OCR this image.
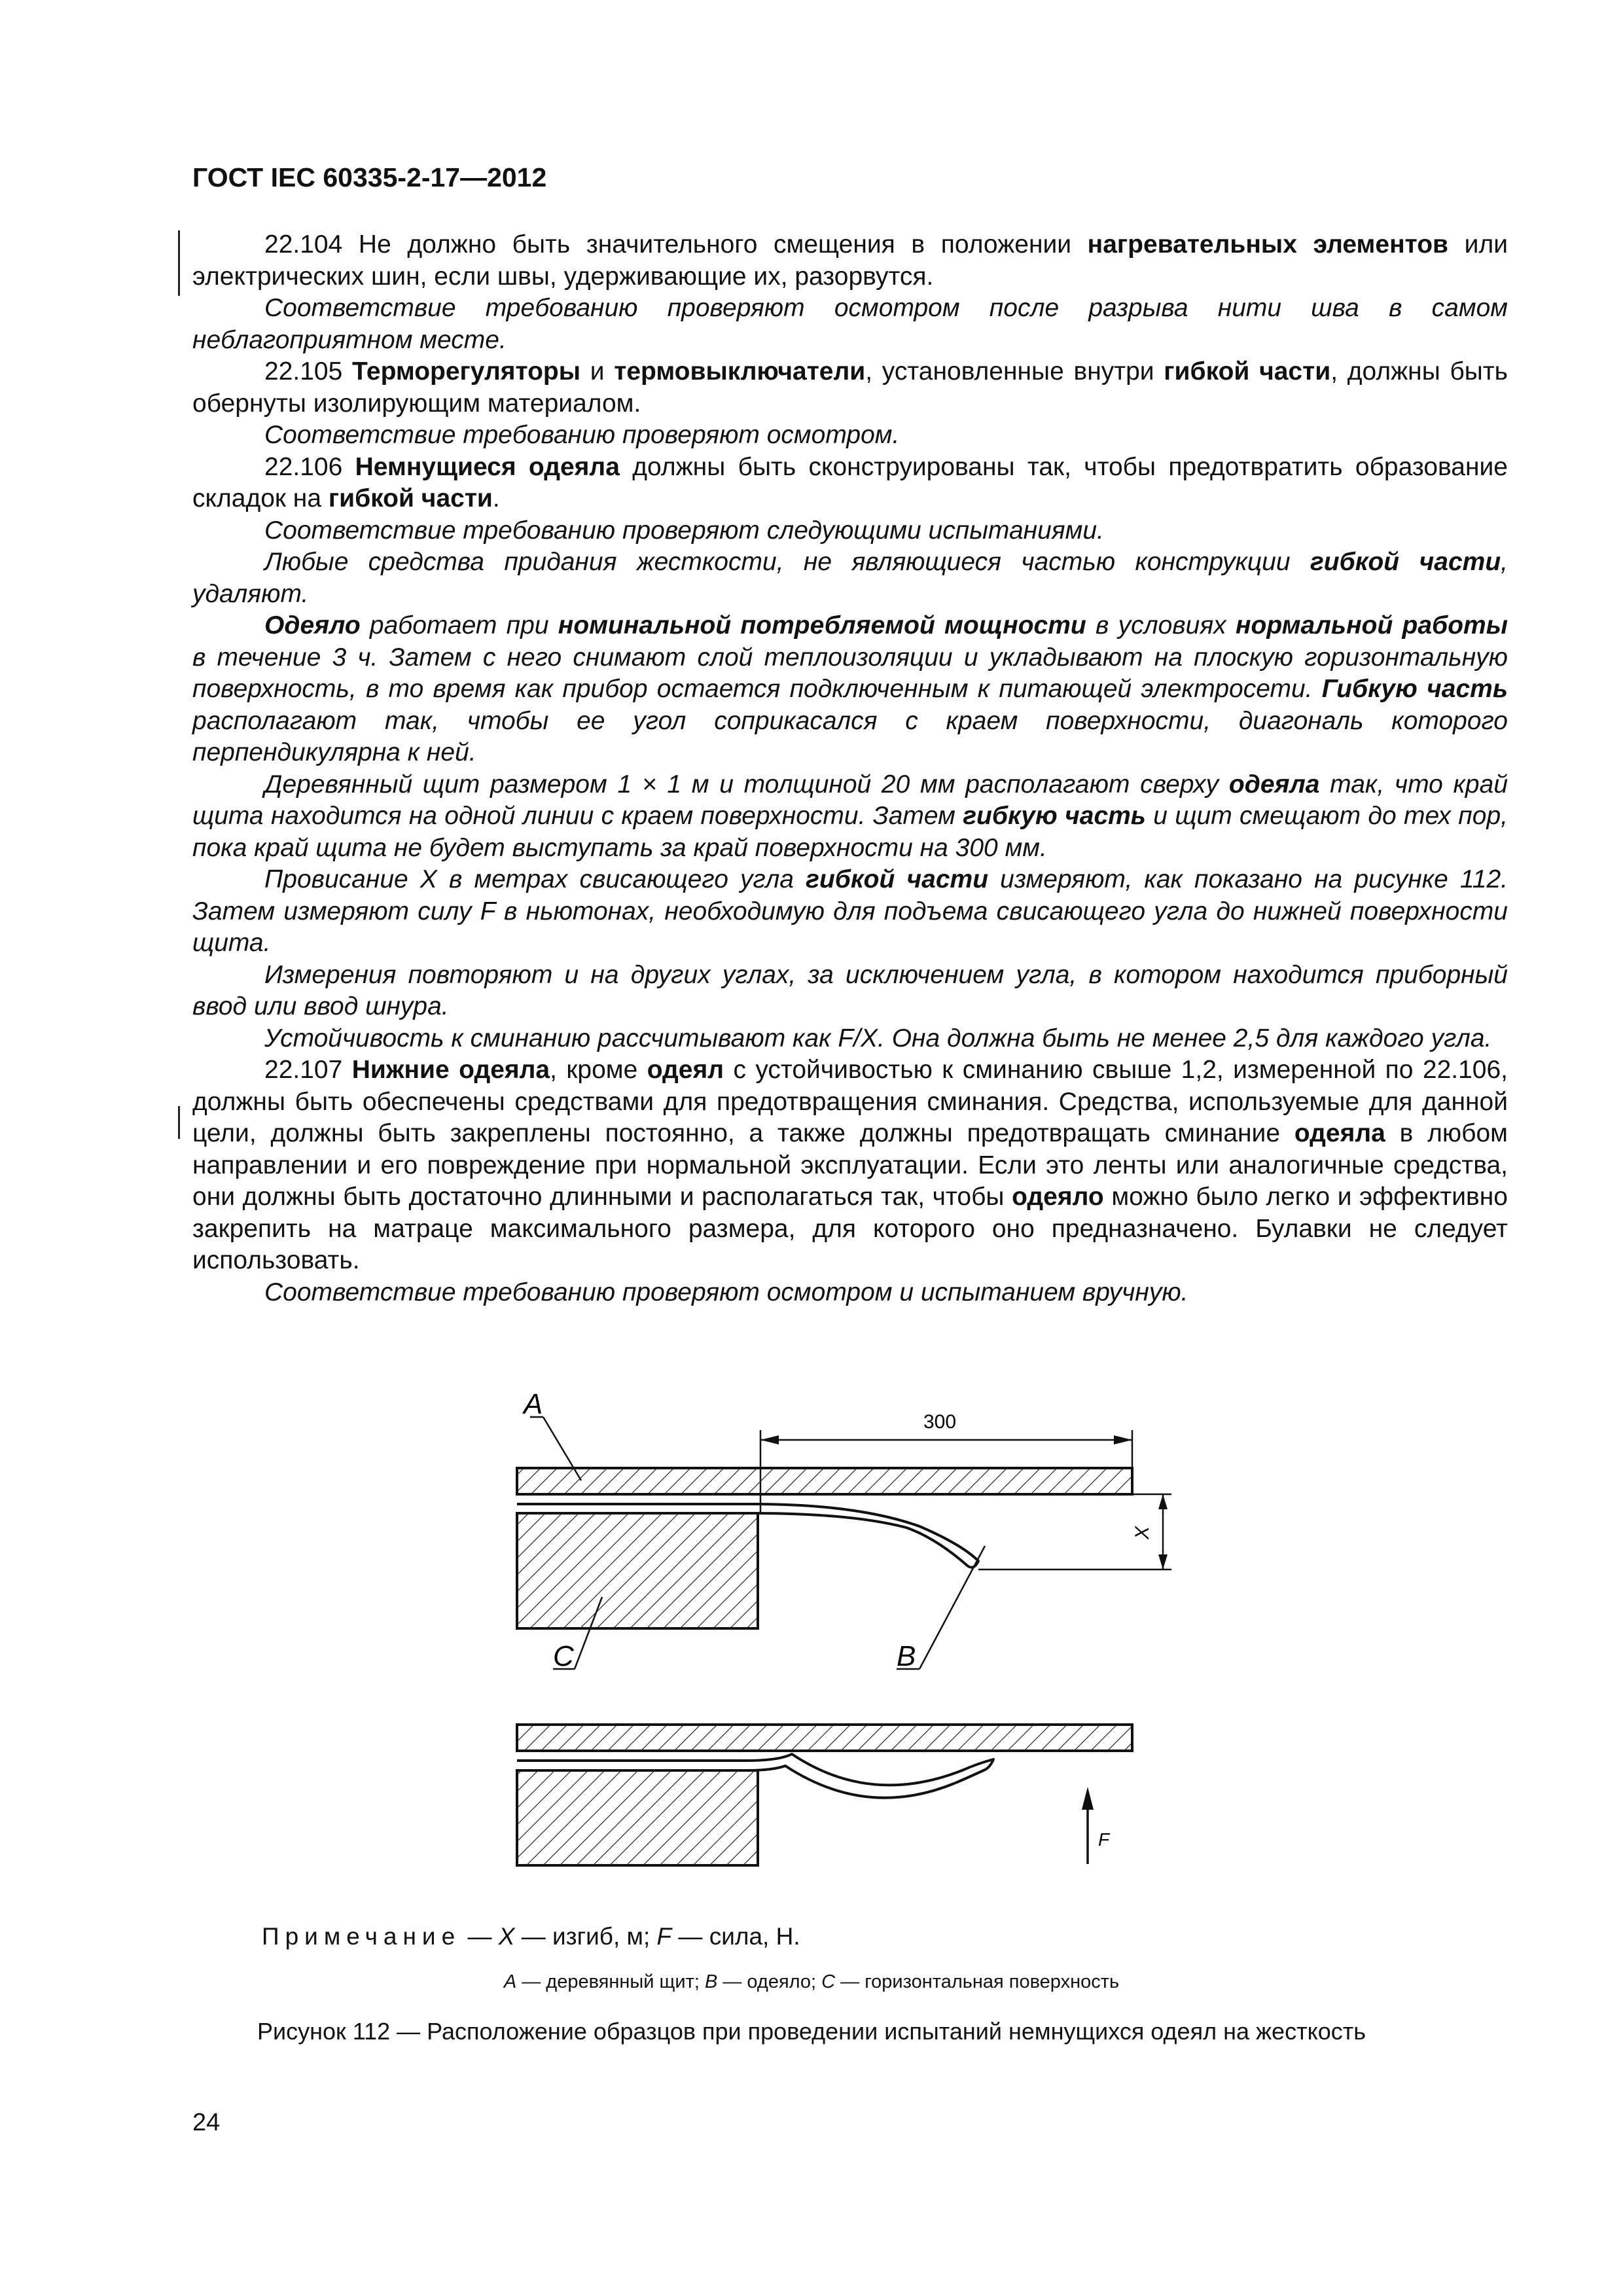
ГОСТ IEC 60335-2-17—2012

22.104 Не должно быть значительного смещения в положении нагревательных элементов или электрических шин, если швы, удерживающие их, разорвутся.

Соответствие требованию проверяют осмотром после разрыва нити шва в самом неблагоприятном месте.

22.105 Терморегуляторы и термовыключатели, установленные внутри гибкой части, должны быть обернуты изолирующим материалом.

Соответствие требованию проверяют осмотром.

22.106 Немнущиеся одеяла должны быть сконструированы так, чтобы предотвратить образование складок на гибкой части.

Соответствие требованию проверяют следующими испытаниями.

Любые средства придания жесткости, не являющиеся частью конструкции гибкой части, удаляют.

Одеяло работает при номинальной потребляемой мощности в условиях нормальной работы в течение 3 ч. Затем с него снимают слой теплоизоляции и укладывают на плоскую горизонтальную поверхность, в то время как прибор остается подключенным к питающей электросети. Гибкую часть располагают так, чтобы ее угол соприкасался с краем поверхности, диагональ которого перпендикулярна к ней.

Деревянный щит размером 1 × 1 м и толщиной 20 мм располагают сверху одеяла так, что край щита находится на одной линии с краем поверхности. Затем гибкую часть и щит смещают до тех пор, пока край щита не будет выступать за край поверхности на 300 мм.

Провисание X в метрах свисающего угла гибкой части измеряют, как показано на рисунке 112. Затем измеряют силу F в ньютонах, необходимую для подъема свисающего угла до нижней поверхности щита.

Измерения повторяют и на других углах, за исключением угла, в котором находится приборный ввод или ввод шнура.

Устойчивость к сминанию рассчитывают как F/X. Она должна быть не менее 2,5 для каждого угла.

22.107 Нижние одеяла, кроме одеял с устойчивостью к сминанию свыше 1,2, измеренной по 22.106, должны быть обеспечены средствами для предотвращения сминания. Средства, используемые для данной цели, должны быть закреплены постоянно, а также должны предотвращать сминание одеяла в любом направлении и его повреждение при нормальной эксплуатации. Если это ленты или аналогичные средства, они должны быть достаточно длинными и располагаться так, чтобы одеяло можно было легко и эффективно закрепить на матраце максимального размера, для которого оно предназначено. Булавки не следует использовать.

Соответствие требованию проверяют осмотром и испытанием вручную.

300
X
A
C	B
F
Примечание — X — изгиб, м; F — сила, Н.
A — деревянный щит; B — одеяло; C — горизонтальная поверхность
Рисунок 112 — Расположение образцов при проведении испытаний немнущихся одеял на жесткость
24
